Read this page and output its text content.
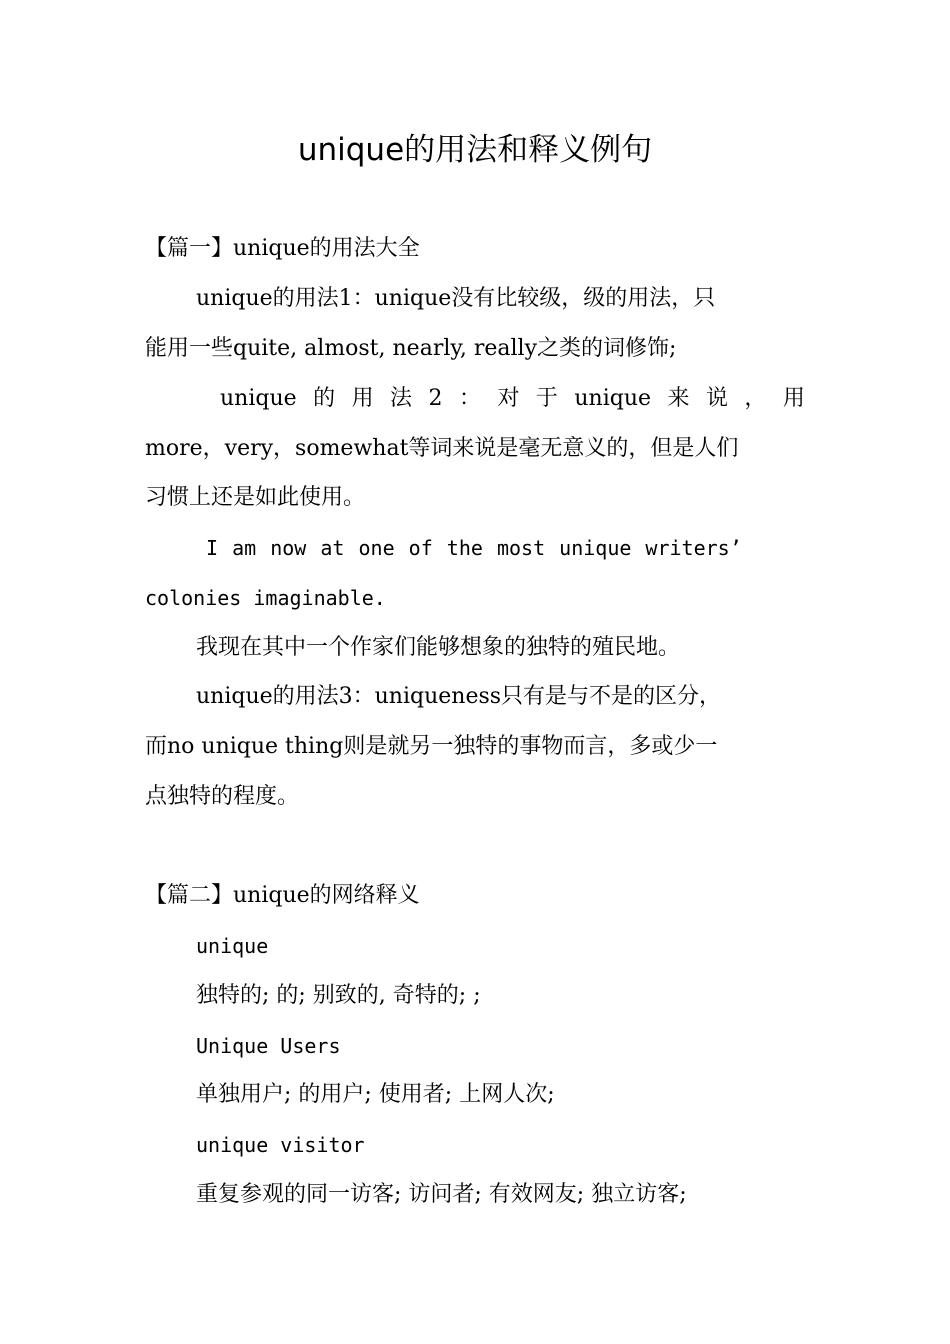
unique的用法和释义例句
【篇一】unique的用法大全
unique的用法1：unique没有比较级，级的用法，只
能用一些quite, almost, nearly, really之类的词修饰;
unique 的 用 法 2 ： 对 于 unique 来 说 ， 用
more，very，somewhat等词来说是毫无意义的，但是人们
习惯上还是如此使用。
I am now at one of the most unique writers’
colonies imaginable.
我现在其中一个作家们能够想象的独特的殖民地。
unique的用法3：uniqueness只有是与不是的区分，
而no unique thing则是就另一独特的事物而言，多或少一
点独特的程度。
【篇二】unique的网络释义
unique
独特的; 的; 别致的, 奇特的; ;
Unique Users
单独用户; 的用户; 使用者; 上网人次;
unique visitor
重复参观的同一访客; 访问者; 有效网友; 独立访客;
